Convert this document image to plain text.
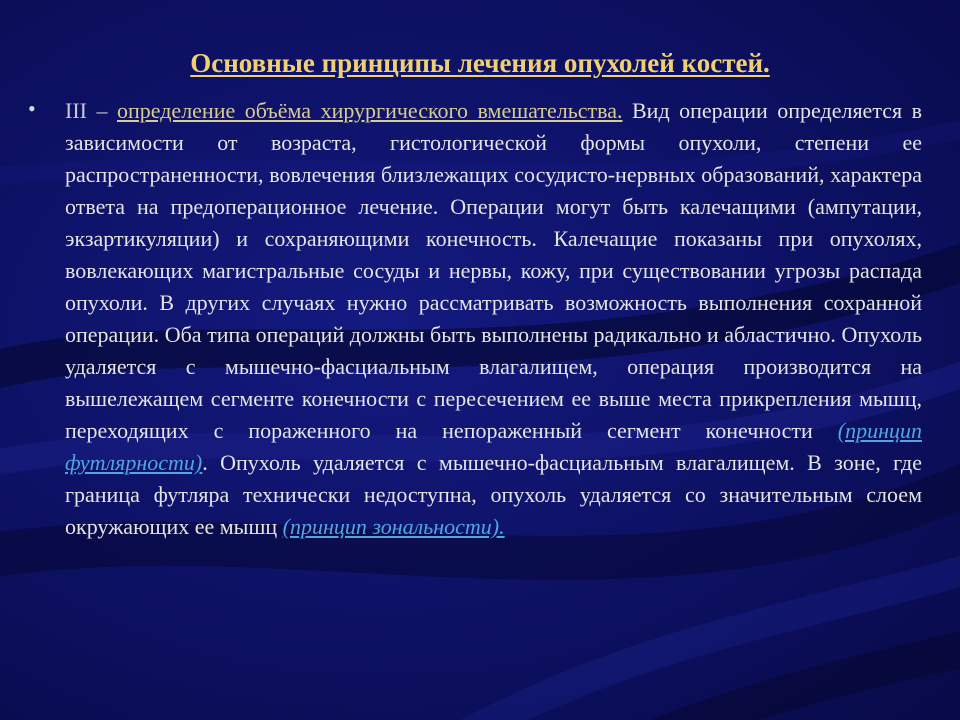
Основные принципы лечения опухолей костей.
• III – определение объёма хирургического вмешательства. Вид операции определяется в зависимости от возраста, гистологической формы опухоли, степени ее распространенности, вовлечения близлежащих сосудисто-нервных образований, характера ответа на предоперационное лечение. Операции могут быть калечащими (ампутации, экзартикуляции) и сохраняющими конечность. Калечащие показаны при опухолях, вовлекающих магистральные сосуды и нервы, кожу, при существовании угрозы распада опухоли. В других случаях нужно рассматривать возможность выполнения сохранной операции. Оба типа операций должны быть выполнены радикально и абластично. Опухоль удаляется с мышечно-фасциальным влагалищем, операция производится на вышележащем сегменте конечности с пересечением ее выше места прикрепления мышц, переходящих с пораженного на непораженный сегмент конечности (принцип футлярности). Опухоль удаляется с мышечно-фасциальным влагалищем. В зоне, где граница футляра технически недоступна, опухоль удаляется со значительным слоем окружающих ее мышц (принцип зональности).
